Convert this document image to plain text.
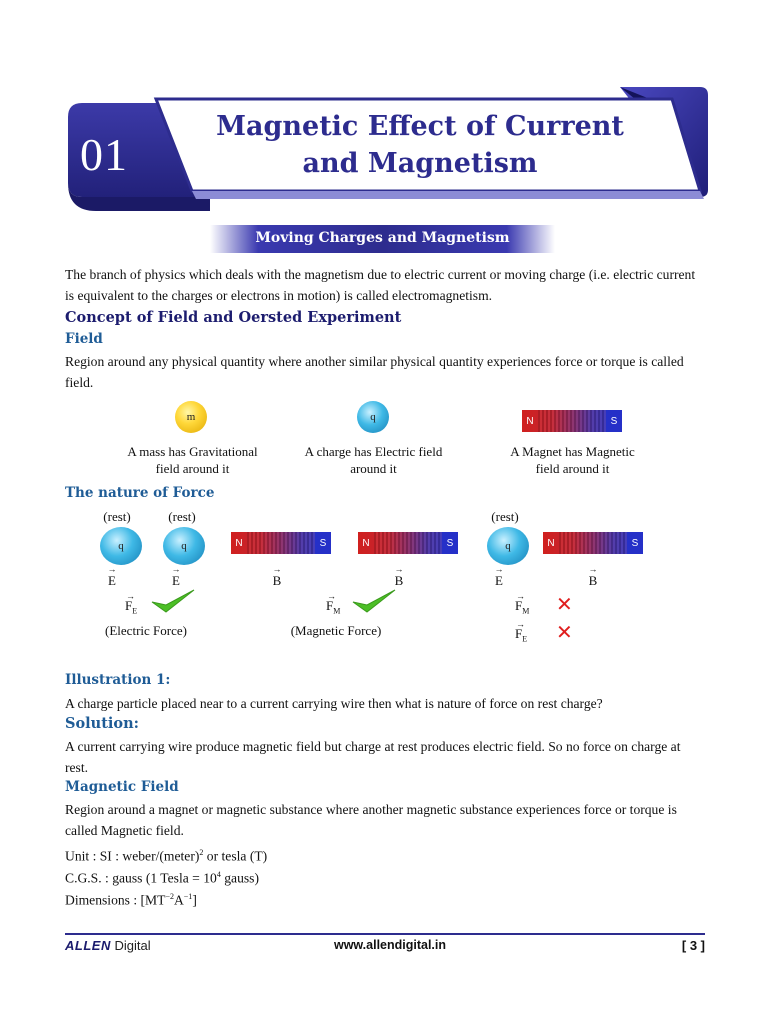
01
Magnetic Effect of Current
and Magnetism
Moving Charges and Magnetism

The branch of physics which deals with the magnetism due to electric current or moving charge (i.e. electric current is equivalent to the charges or electrons in motion) is called electromagnetism.

Concept of Field and Oersted Experiment
Field

Region around any physical quantity where another similar physical quantity experiences force or torque is called field.

m	q	N	S
A mass has Gravitational
field around it
A charge has Electric field
around it
A Magnet has Magnetic
field around it
The nature of Force
(rest)	(rest)	(rest)
q	q	q
N	S	N	S	N	S
→
E
→
E
→
B
→
B
→
E
→
B
→
$F_E$
(Electric Force)
→
$F_M$
(Magnetic Force)
→
$F_M$ ✕
→
$F_E$ ✕
Illustration 1:

A charge particle placed near to a current carrying wire then what is nature of force on rest charge?

Solution:

A current carrying wire produce magnetic field but charge at rest produces electric field. So no force on charge at rest.

Magnetic Field

Region around a magnet or magnetic substance where another magnetic substance experiences force or torque is called Magnetic field.

Unit : SI : weber/(meter)$^2$ or tesla (T)

C.G.S. : gauss (1 Tesla = $10^4$ gauss)

Dimensions : $[MT^{-2}A^{-1}]$

ALLEN Digital	www.allendigital.in	[ 3 ]
